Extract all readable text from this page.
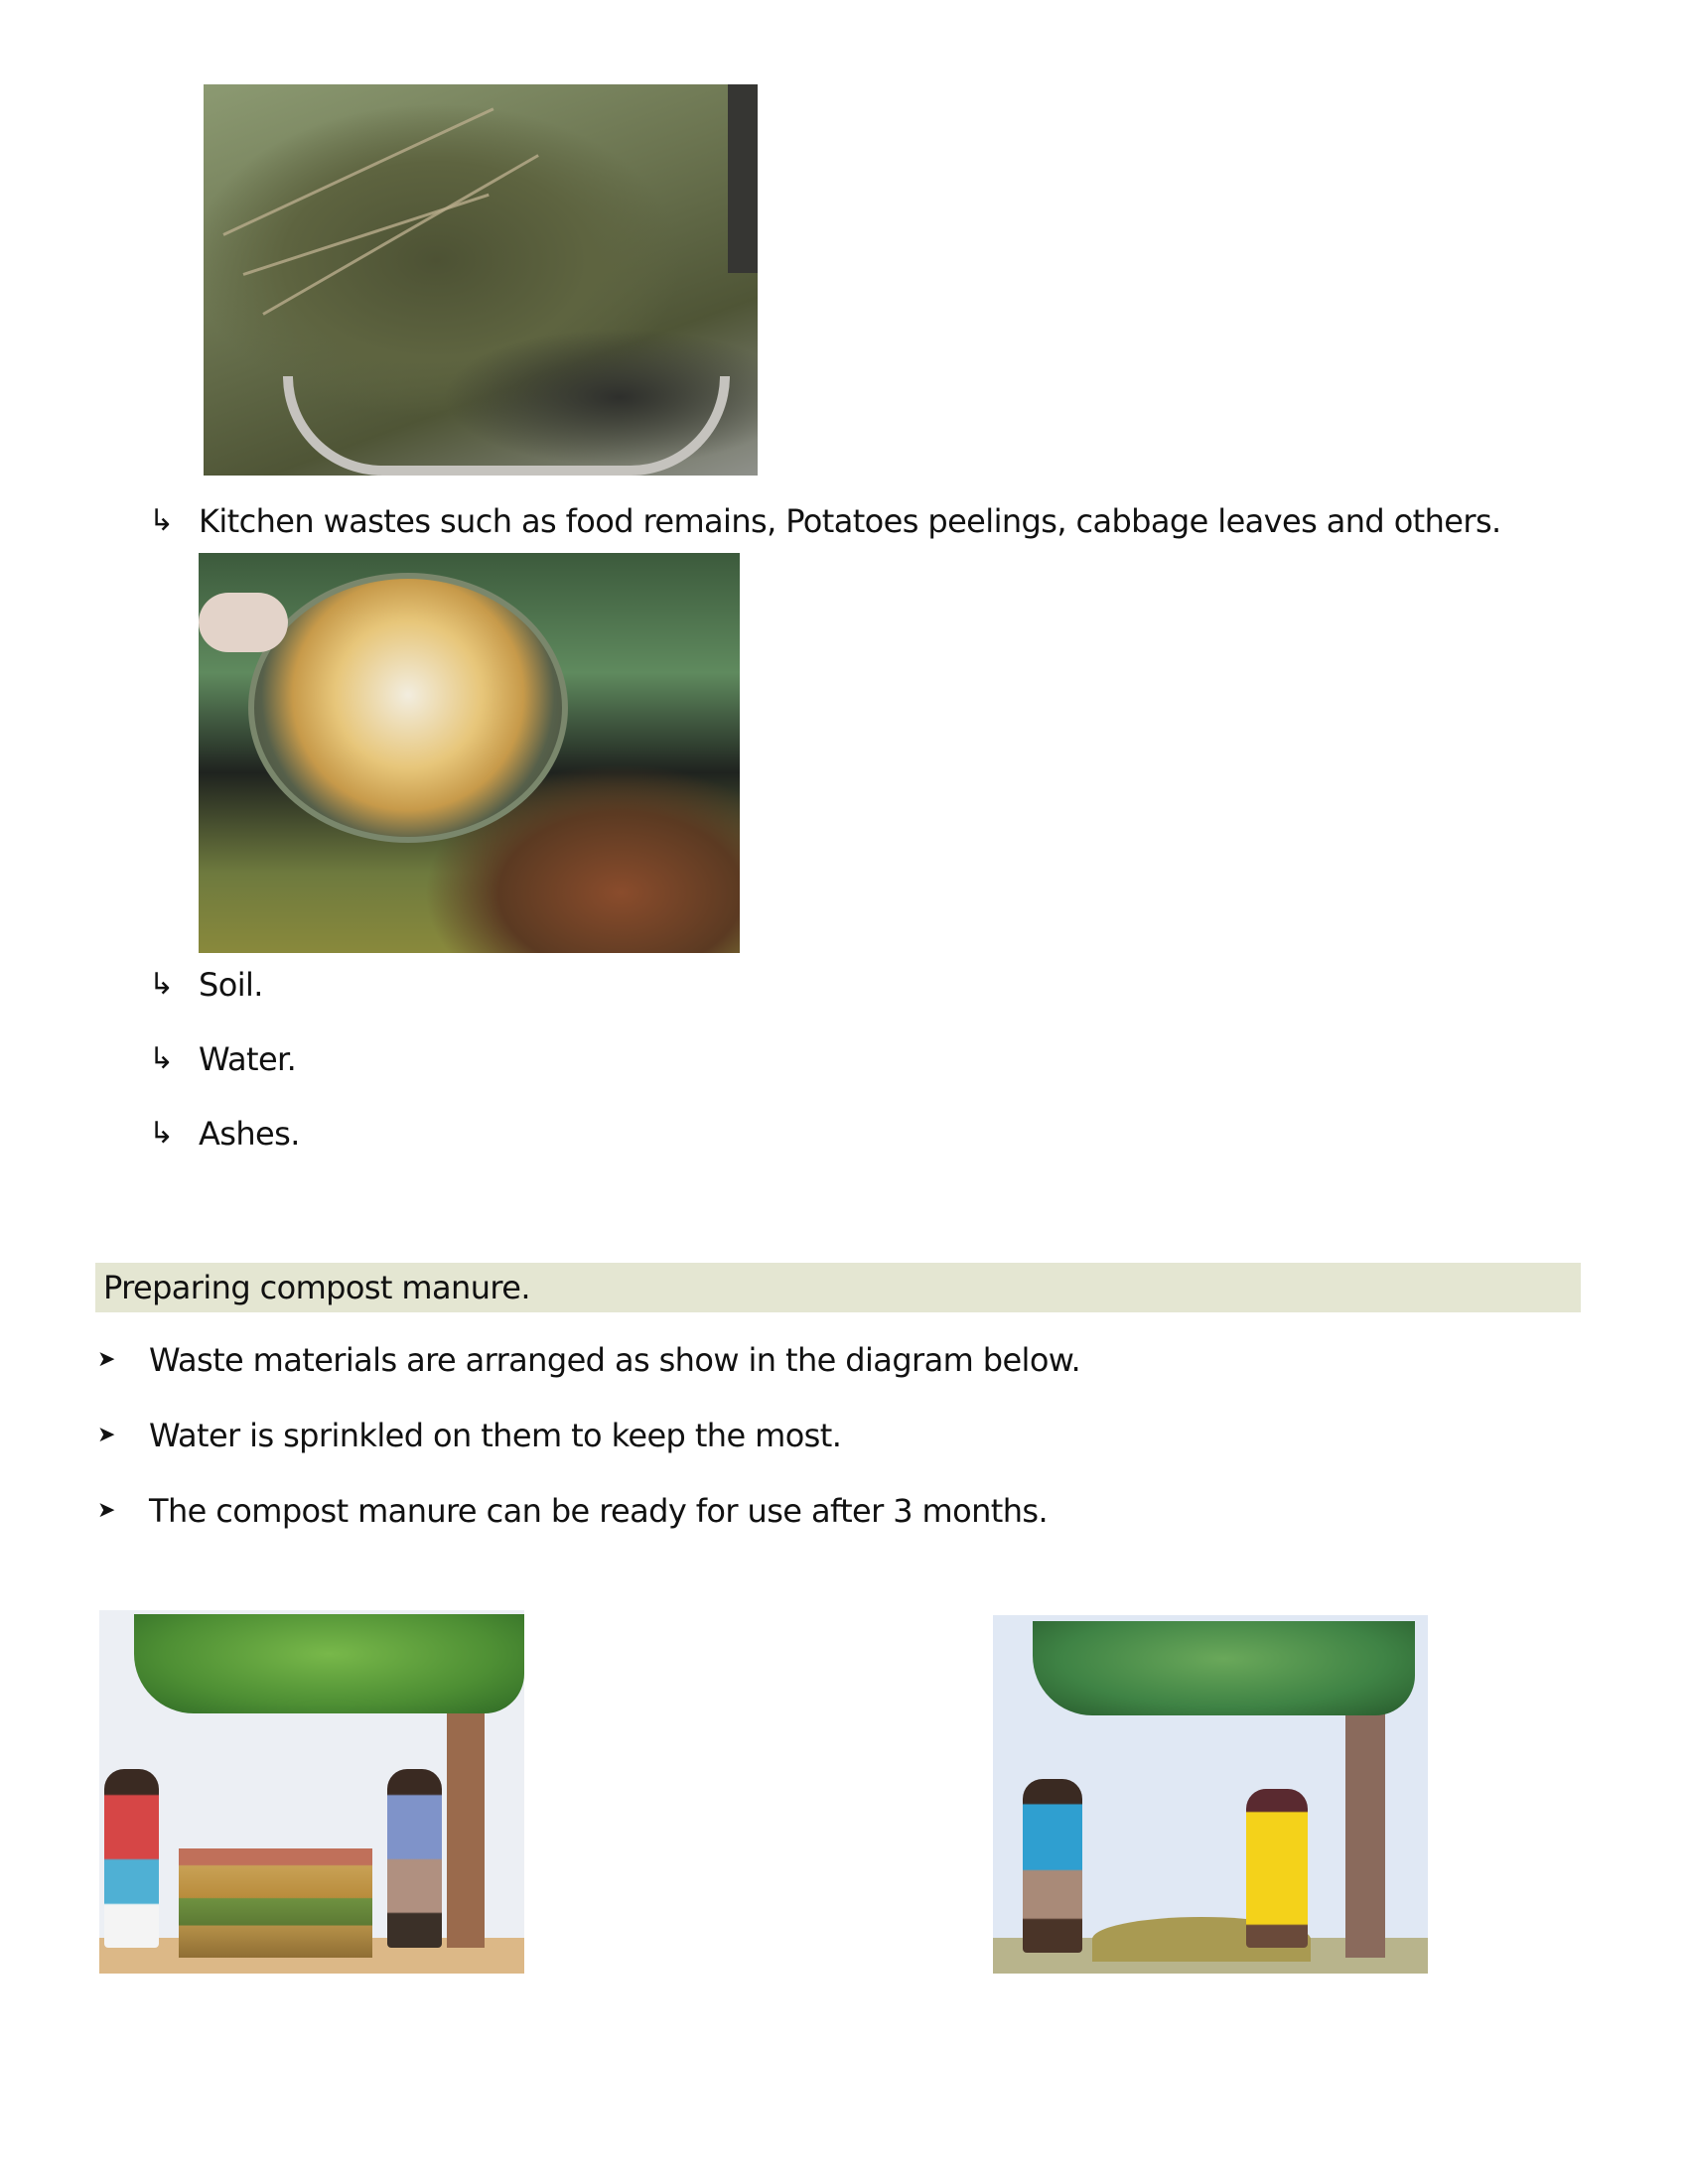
↳ Kitchen wastes such as food remains, Potatoes peelings, cabbage leaves and others.
↳ Soil.
↳ Water.
↳ Ashes.
Preparing compost manure.
➤ Waste materials are arranged as show in the diagram below.
➤ Water is sprinkled on them to keep the most.
➤ The compost manure can be ready for use after 3 months.
